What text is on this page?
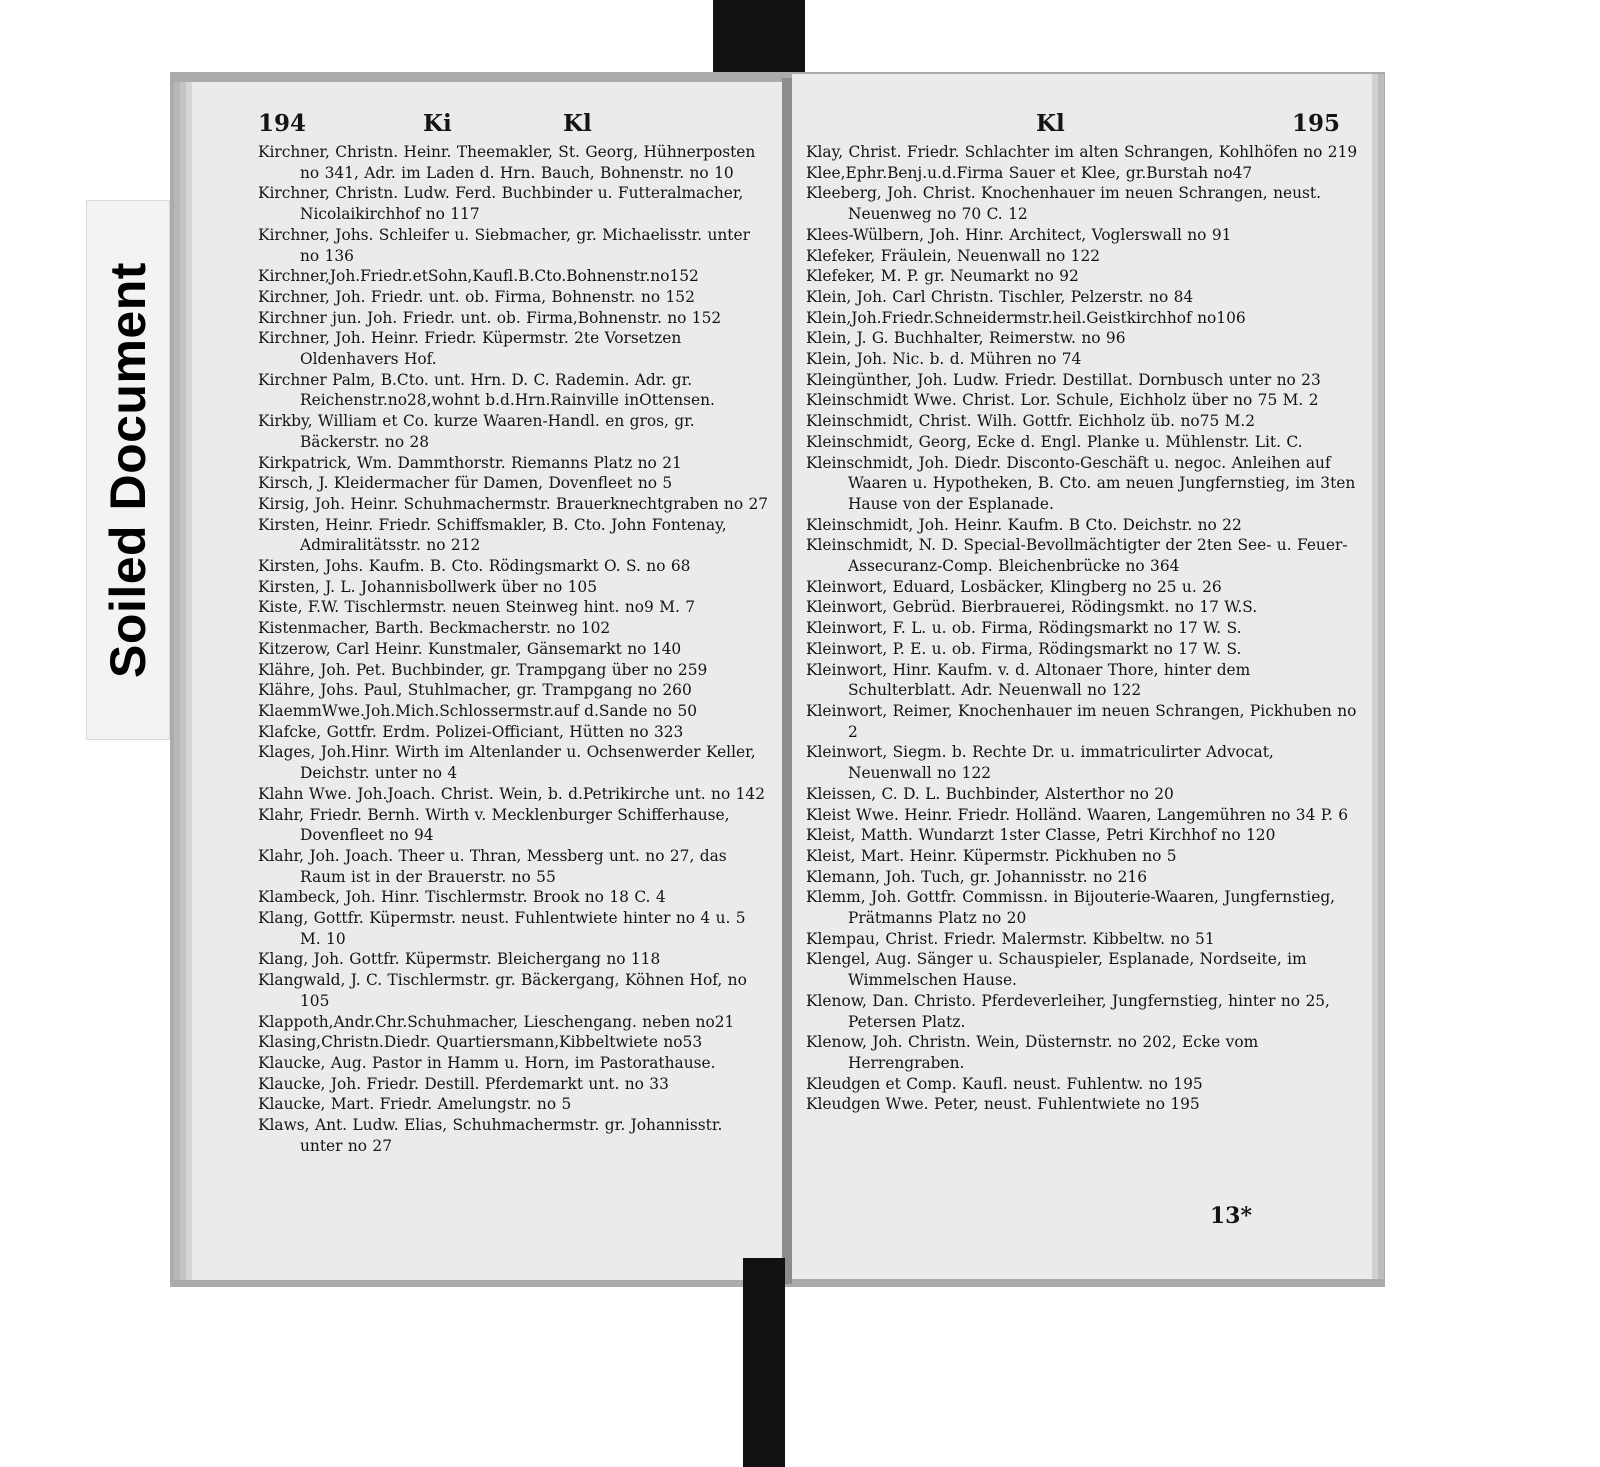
Soiled Document
194	Ki	Kl
Kirchner, Christn. Heinr. Theemakler, St. Georg, Hühnerposten no 341, Adr. im Laden d. Hrn. Bauch, Bohnenstr. no 10
Kirchner, Christn. Ludw. Ferd. Buchbinder u. Futteralmacher, Nicolaikirchhof no 117
Kirchner, Johs. Schleifer u. Siebmacher, gr. Michaelisstr. unter no 136
Kirchner,Joh.Friedr.etSohn,Kaufl.B.Cto.Bohnenstr.no152
Kirchner, Joh. Friedr. unt. ob. Firma, Bohnenstr. no 152
Kirchner jun. Joh. Friedr. unt. ob. Firma,Bohnenstr. no 152
Kirchner, Joh. Heinr. Friedr. Küpermstr. 2te Vorsetzen Oldenhavers Hof.
Kirchner Palm, B.Cto. unt. Hrn. D. C. Rademin. Adr. gr. Reichenstr.no28,wohnt b.d.Hrn.Rainville inOttensen.
Kirkby, William et Co. kurze Waaren-Handl. en gros, gr. Bäckerstr. no 28
Kirkpatrick, Wm. Dammthorstr. Riemanns Platz no 21
Kirsch, J. Kleidermacher für Damen, Dovenfleet no 5
Kirsig, Joh. Heinr. Schuhmachermstr. Brauerknechtgraben no 27
Kirsten, Heinr. Friedr. Schiffsmakler, B. Cto. John Fontenay, Admiralitätsstr. no 212
Kirsten, Johs. Kaufm. B. Cto. Rödingsmarkt O. S. no 68
Kirsten, J. L. Johannisbollwerk über no 105
Kiste, F.W. Tischlermstr. neuen Steinweg hint. no9 M. 7
Kistenmacher, Barth. Beckmacherstr. no 102
Kitzerow, Carl Heinr. Kunstmaler, Gänsemarkt no 140
Klähre, Joh. Pet. Buchbinder, gr. Trampgang über no 259
Klähre, Johs. Paul, Stuhlmacher, gr. Trampgang no 260
KlaemmWwe.Joh.Mich.Schlossermstr.auf d.Sande no 50
Klafcke, Gottfr. Erdm. Polizei-Officiant, Hütten no 323
Klages, Joh.Hinr. Wirth im Altenlander u. Ochsenwerder Keller, Deichstr. unter no 4
Klahn Wwe. Joh.Joach. Christ. Wein, b. d.Petrikirche unt. no 142
Klahr, Friedr. Bernh. Wirth v. Mecklenburger Schifferhause, Dovenfleet no 94
Klahr, Joh. Joach. Theer u. Thran, Messberg unt. no 27, das Raum ist in der Brauerstr. no 55
Klambeck, Joh. Hinr. Tischlermstr. Brook no 18 C. 4
Klang, Gottfr. Küpermstr. neust. Fuhlentwiete hinter no 4 u. 5 M. 10
Klang, Joh. Gottfr. Küpermstr. Bleichergang no 118
Klangwald, J. C. Tischlermstr. gr. Bäckergang, Köhnen Hof, no 105
Klappoth,Andr.Chr.Schuhmacher, Lieschengang. neben no21
Klasing,Christn.Diedr. Quartiersmann,Kibbeltwiete no53
Klaucke, Aug. Pastor in Hamm u. Horn, im Pastorathause.
Klaucke, Joh. Friedr. Destill. Pferdemarkt unt. no 33
Klaucke, Mart. Friedr. Amelungstr. no 5
Klaws, Ant. Ludw. Elias, Schuhmachermstr. gr. Johannisstr. unter no 27
Kl	195
Klay, Christ. Friedr. Schlachter im alten Schrangen, Kohlhöfen no 219
Klee,Ephr.Benj.u.d.Firma Sauer et Klee, gr.Burstah no47
Kleeberg, Joh. Christ. Knochenhauer im neuen Schrangen, neust. Neuenweg no 70 C. 12
Klees-Wülbern, Joh. Hinr. Architect, Voglerswall no 91
Klefeker, Fräulein, Neuenwall no 122
Klefeker, M. P. gr. Neumarkt no 92
Klein, Joh. Carl Christn. Tischler, Pelzerstr. no 84
Klein,Joh.Friedr.Schneidermstr.heil.Geistkirchhof no106
Klein, J. G. Buchhalter, Reimerstw. no 96
Klein, Joh. Nic. b. d. Mühren no 74
Kleingünther, Joh. Ludw. Friedr. Destillat. Dornbusch unter no 23
Kleinschmidt Wwe. Christ. Lor. Schule, Eichholz über no 75 M. 2
Kleinschmidt, Christ. Wilh. Gottfr. Eichholz üb. no75 M.2
Kleinschmidt, Georg, Ecke d. Engl. Planke u. Mühlenstr. Lit. C.
Kleinschmidt, Joh. Diedr. Disconto-Geschäft u. negoc. Anleihen auf Waaren u. Hypotheken, B. Cto. am neuen Jungfernstieg, im 3ten Hause von der Esplanade.
Kleinschmidt, Joh. Heinr. Kaufm. B Cto. Deichstr. no 22
Kleinschmidt, N. D. Special-Bevollmächtigter der 2ten See- u. Feuer-Assecuranz-Comp. Bleichenbrücke no 364
Kleinwort, Eduard, Losbäcker, Klingberg no 25 u. 26
Kleinwort, Gebrüd. Bierbrauerei, Rödingsmkt. no 17 W.S.
Kleinwort, F. L. u. ob. Firma, Rödingsmarkt no 17 W. S.
Kleinwort, P. E. u. ob. Firma, Rödingsmarkt no 17 W. S.
Kleinwort, Hinr. Kaufm. v. d. Altonaer Thore, hinter dem Schulterblatt. Adr. Neuenwall no 122
Kleinwort, Reimer, Knochenhauer im neuen Schrangen, Pickhuben no 2
Kleinwort, Siegm. b. Rechte Dr. u. immatriculirter Advocat, Neuenwall no 122
Kleissen, C. D. L. Buchbinder, Alsterthor no 20
Kleist Wwe. Heinr. Friedr. Holländ. Waaren, Langemühren no 34 P. 6
Kleist, Matth. Wundarzt 1ster Classe, Petri Kirchhof no 120
Kleist, Mart. Heinr. Küpermstr. Pickhuben no 5
Klemann, Joh. Tuch, gr. Johannisstr. no 216
Klemm, Joh. Gottfr. Commissn. in Bijouterie-Waaren, Jungfernstieg, Prätmanns Platz no 20
Klempau, Christ. Friedr. Malermstr. Kibbeltw. no 51
Klengel, Aug. Sänger u. Schauspieler, Esplanade, Nordseite, im Wimmelschen Hause.
Klenow, Dan. Christo. Pferdeverleiher, Jungfernstieg, hinter no 25, Petersen Platz.
Klenow, Joh. Christn. Wein, Düsternstr. no 202, Ecke vom Herrengraben.
Kleudgen et Comp. Kaufl. neust. Fuhlentw. no 195
Kleudgen Wwe. Peter, neust. Fuhlentwiete no 195
13*
